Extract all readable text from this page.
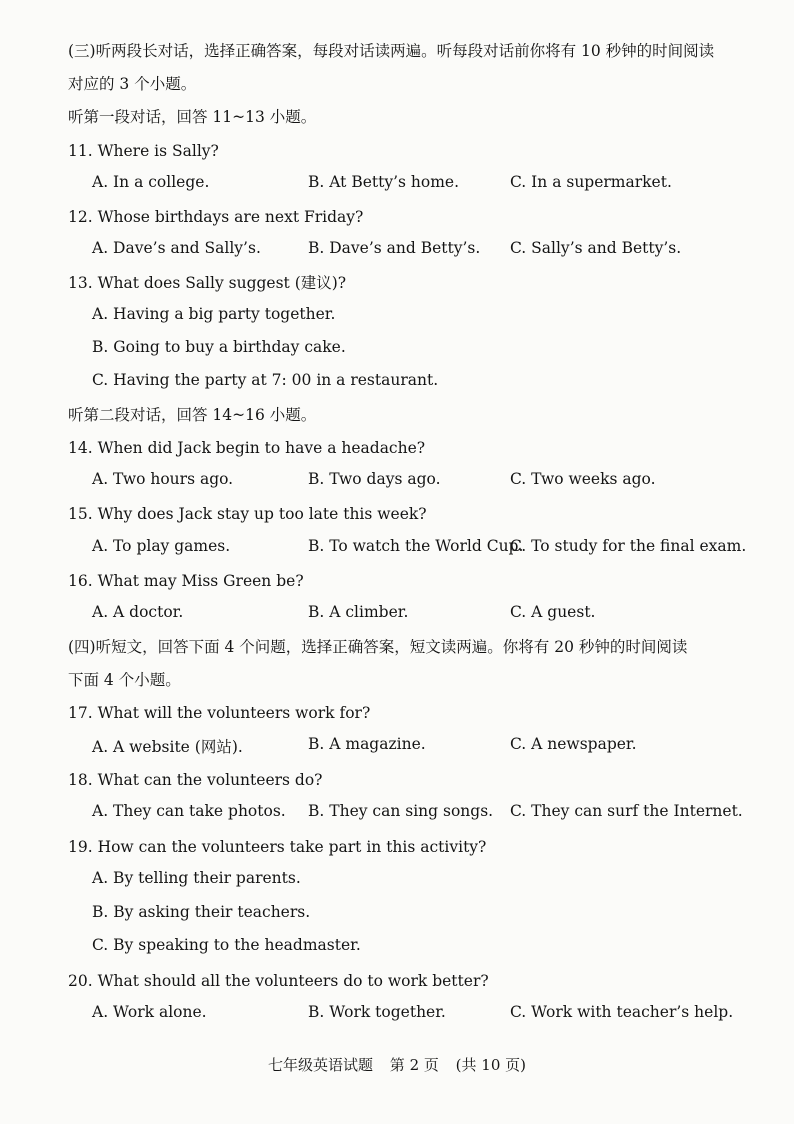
(三)听两段长对话，选择正确答案，每段对话读两遍。听每段对话前你将有 10 秒钟的时间阅读
对应的 3 个小题。
听第一段对话，回答 11~13 小题。
11. Where is Sally?
A. In a college.	B. At Betty’s home.	C. In a supermarket.
12. Whose birthdays are next Friday?
A. Dave’s and Sally’s.	B. Dave’s and Betty’s. C. Sally’s and Betty’s.
13. What does Sally suggest (建议)?
A. Having a big party together.
B. Going to buy a birthday cake.
C. Having the party at 7: 00 in a restaurant.
听第二段对话，回答 14~16 小题。
14. When did Jack begin to have a headache?
A. Two hours ago.	B. Two days ago.	C. Two weeks ago.
15. Why does Jack stay up too late this week?
A. To play games.	B. To watch the World Cup.
C. To study for the final exam.
16. What may Miss Green be?
A. A doctor.	B. A climber.	C. A guest.
(四)听短文，回答下面 4 个问题，选择正确答案，短文读两遍。你将有 20 秒钟的时间阅读
下面 4 个小题。
17. What will the volunteers work for?
A. A website (网站).	B. A magazine.	C. A newspaper.
18. What can the volunteers do?
A. They can take photos. B. They can sing songs. C. They can surf the Internet.
19. How can the volunteers take part in this activity?
A. By telling their parents.
B. By asking their teachers.
C. By speaking to the headmaster.
20. What should all the volunteers do to work better?
A. Work alone.	B. Work together.	C. Work with teacher’s help.
七年级英语试题 第 2 页 (共 10 页)
